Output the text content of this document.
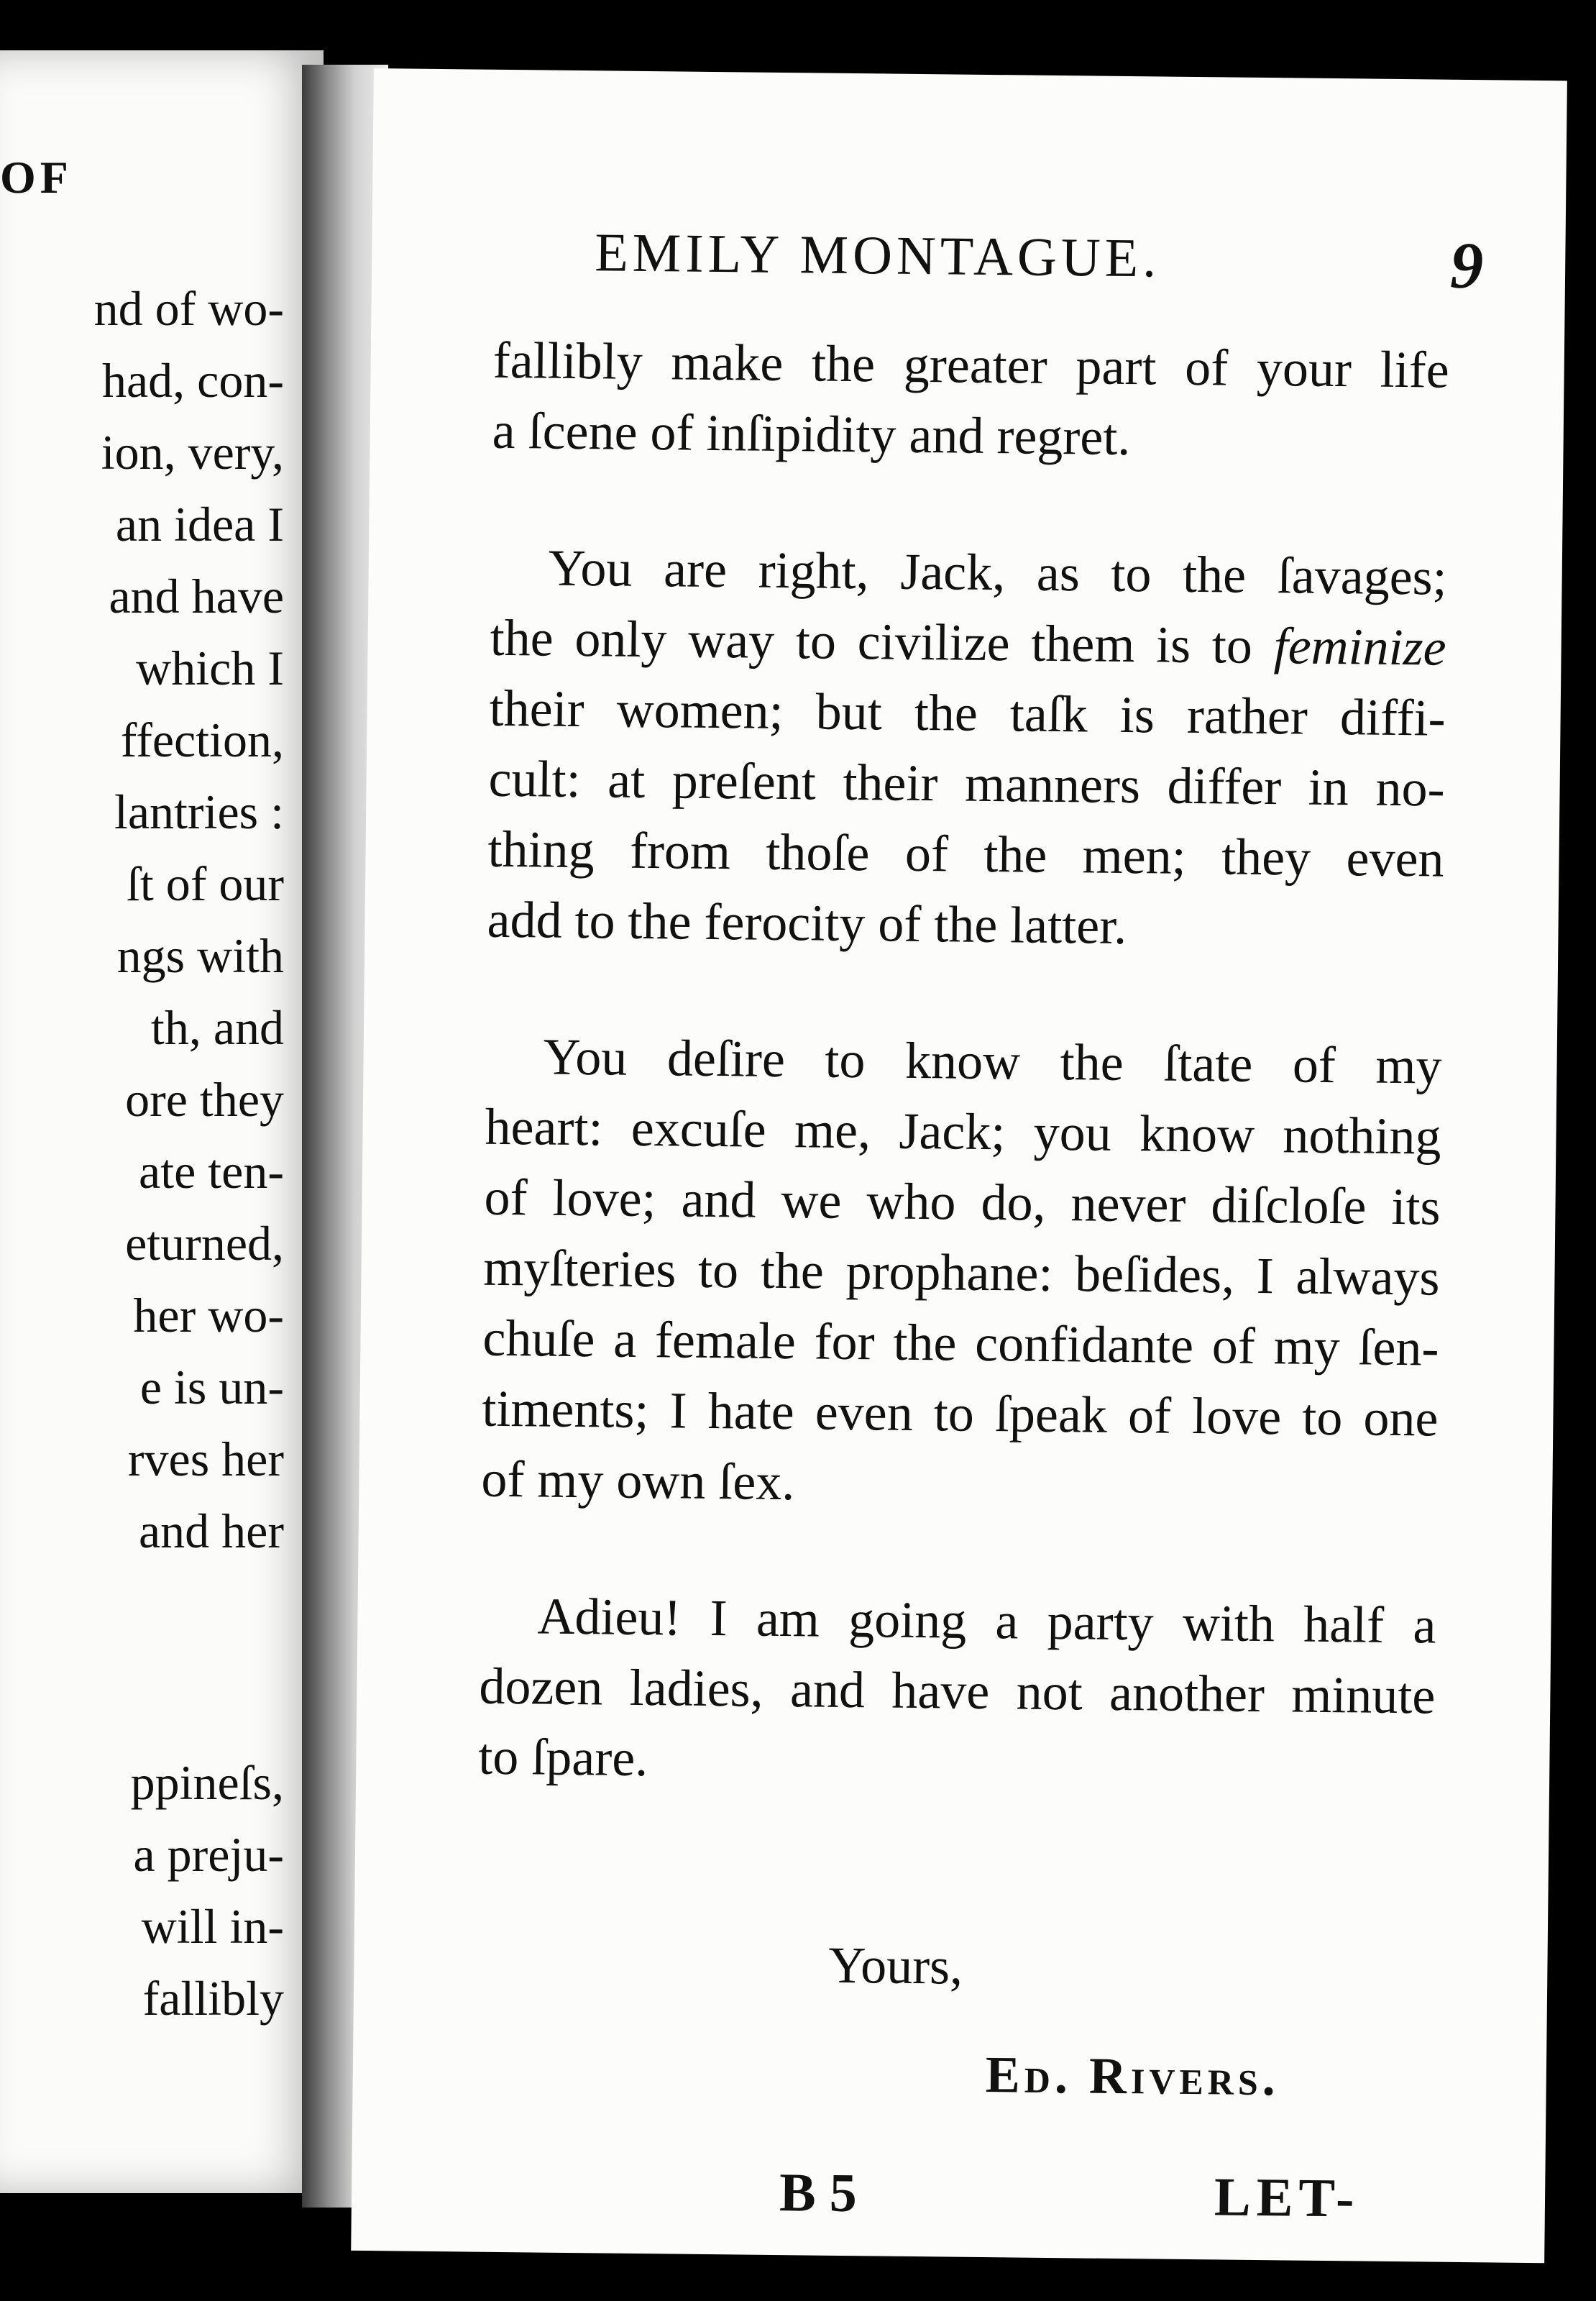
OF
nd of wo-
had, con-
ion, very,
an idea I
and have
which I
ffection,
lantries :
ſt of our
ngs with
th, and
ore they
ate ten-
eturned,
her wo-
e is un-
rves her
and her
ppineſs,
a preju-
will in-
fallibly
EMILY MONTAGUE.	9
fallibly make the greater part of your life
a ſcene of inſipidity and regret.
You are right, Jack, as to the ſavages;
the only way to civilize them is to feminize
their women; but the taſk is rather diffi-
cult: at preſent their manners differ in no-
thing from thoſe of the men; they even
add to the ferocity of the latter.
You deſire to know the ſtate of my
heart: excuſe me, Jack; you know nothing
of love; and we who do, never diſcloſe its
myſteries to the prophane: beſides, I always
chuſe a female for the confidante of my ſen-
timents; I hate even to ſpeak of love to one
of my own ſex.
Adieu! I am going a party with half a
dozen ladies, and have not another minute
to ſpare.
Yours,
Ed. Rivers.
B 5	LET-
